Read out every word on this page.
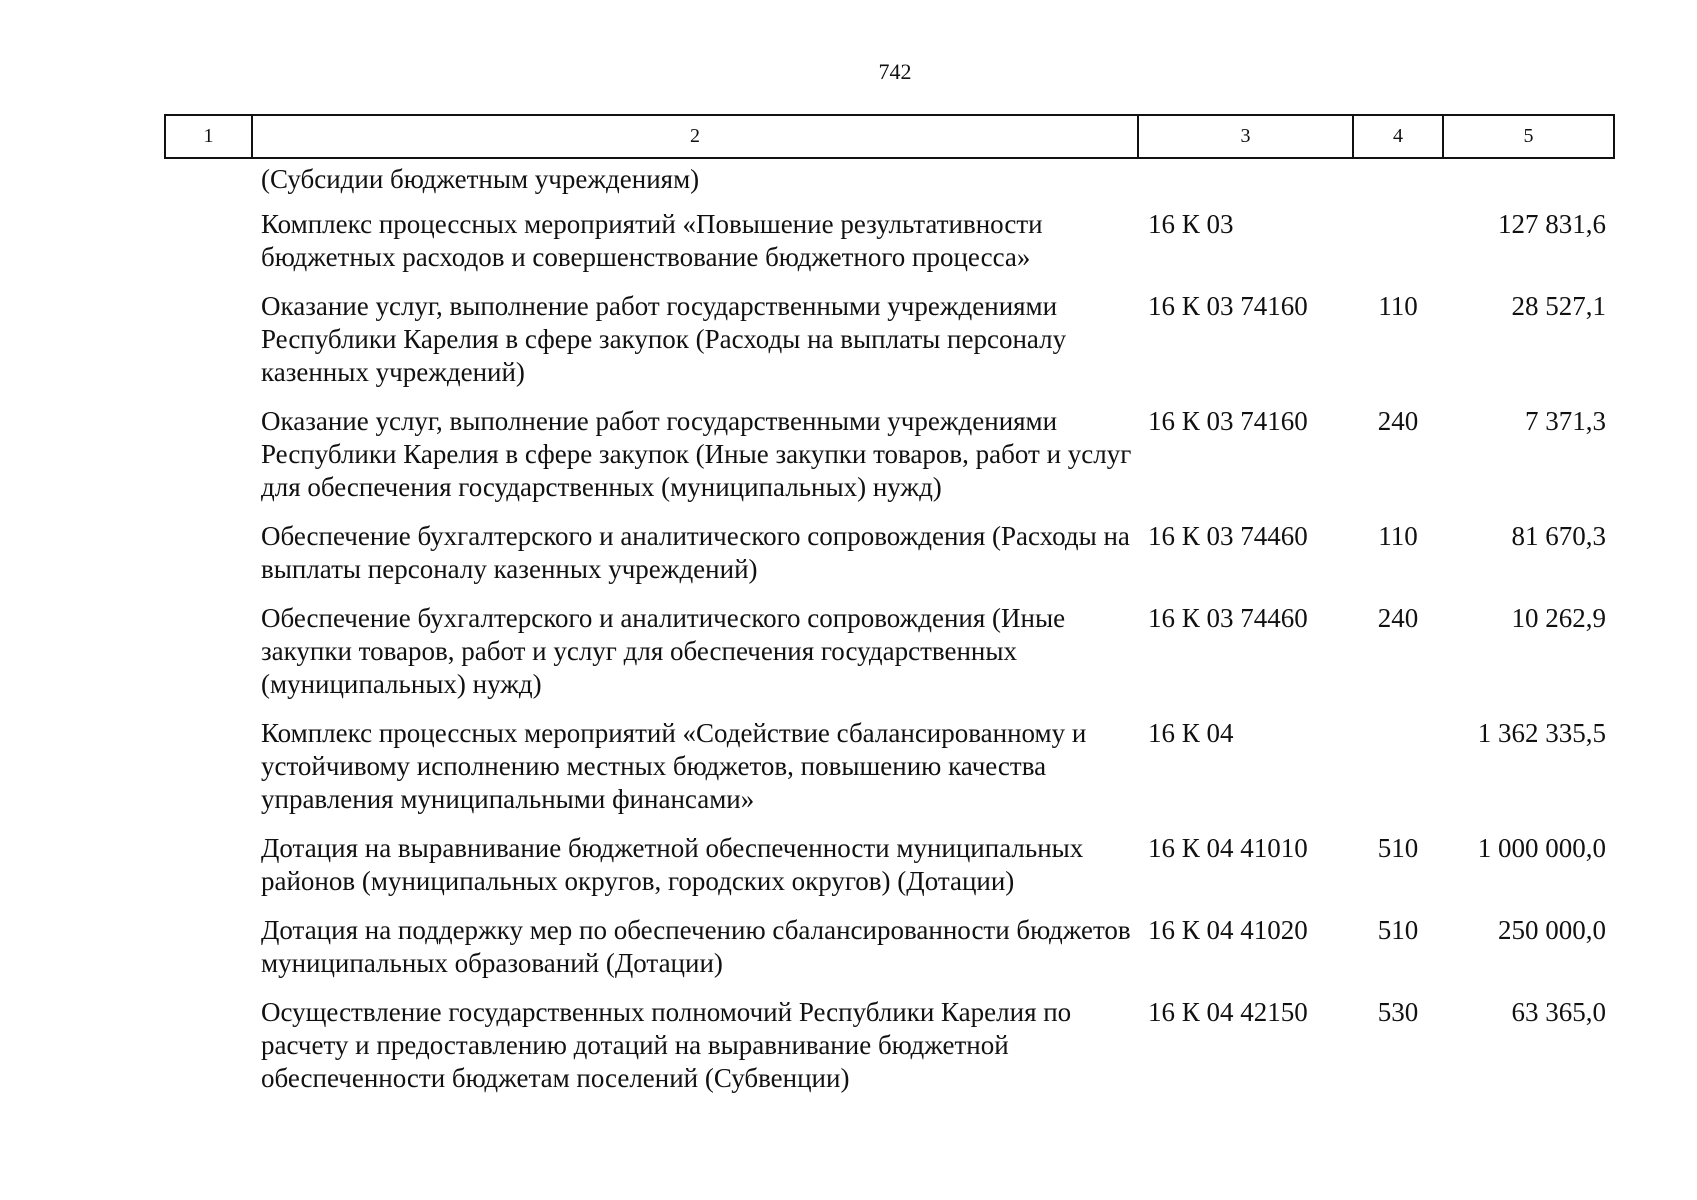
742
1	2	3	4	5
	(Субсидии бюджетным учреждениям)			
	Комплекс процессных мероприятий «Повышение результативности бюджетных расходов и совершенствование бюджетного процесса»	16 К 03		127 831,6
	Оказание услуг, выполнение работ государственными учреждениями Республики Карелия в сфере закупок (Расходы на выплаты персоналу казенных учреждений)	16 К 03 74160	110	28 527,1
	Оказание услуг, выполнение работ государственными учреждениями Республики Карелия в сфере закупок (Иные закупки товаров, работ и услуг для обеспечения государственных (муниципальных) нужд)	16 К 03 74160	240	7 371,3
	Обеспечение бухгалтерского и аналитического сопровождения (Расходы на выплаты персоналу казенных учреждений)	16 К 03 74460	110	81 670,3
	Обеспечение бухгалтерского и аналитического сопровождения (Иные закупки товаров, работ и услуг для обеспечения государственных (муниципальных) нужд)	16 К 03 74460	240	10 262,9
	Комплекс процессных мероприятий «Содействие сбалансированному и устойчивому исполнению местных бюджетов, повышению качества управления муниципальными финансами»	16 К 04		1 362 335,5
	Дотация на выравнивание бюджетной обеспеченности муниципальных районов (муниципальных округов, городских округов) (Дотации)	16 К 04 41010	510	1 000 000,0
	Дотация на поддержку мер по обеспечению сбалансированности бюджетов муниципальных образований (Дотации)	16 К 04 41020	510	250 000,0
	Осуществление государственных полномочий Республики Карелия по расчету и предоставлению дотаций на выравнивание бюджетной обеспеченности бюджетам поселений (Субвенции)	16 К 04 42150	530	63 365,0
